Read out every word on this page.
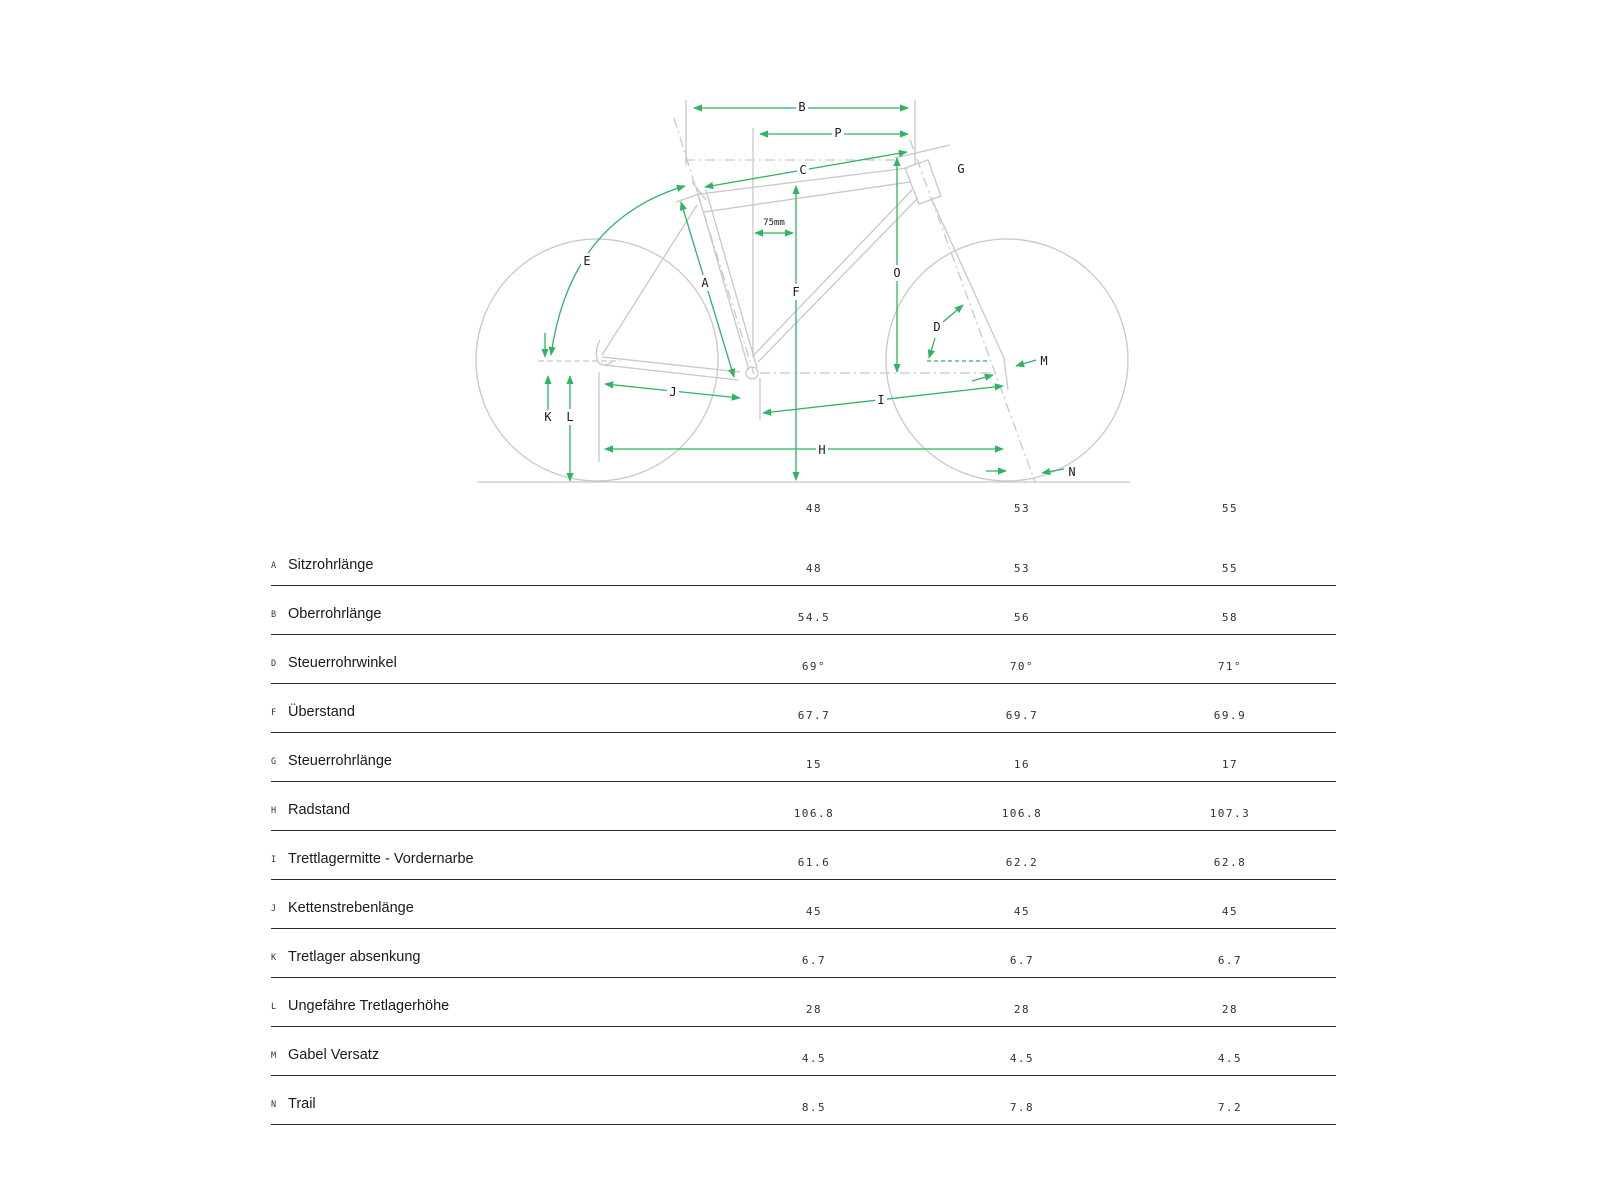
B
P
C	G
75mm
E
A
F
O
D
M
J
I
K L
H
N
48	53	55
A Sitzrohrlänge	48	53	55
B Oberrohrlänge	54.5	56	58
D Steuerrohrwinkel	69°	70°	71°
F Überstand	67.7	69.7	69.9
G Steuerrohrlänge	15	16	17
H Radstand	106.8	106.8	107.3
I Trettlagermitte - Vordernarbe	61.6	62.2	62.8
J Kettenstrebenlänge	45	45	45
K Tretlager absenkung	6.7	6.7	6.7
L Ungefähre Tretlagerhöhe	28	28	28
M Gabel Versatz	4.5	4.5	4.5
N Trail	8.5	7.8	7.2
